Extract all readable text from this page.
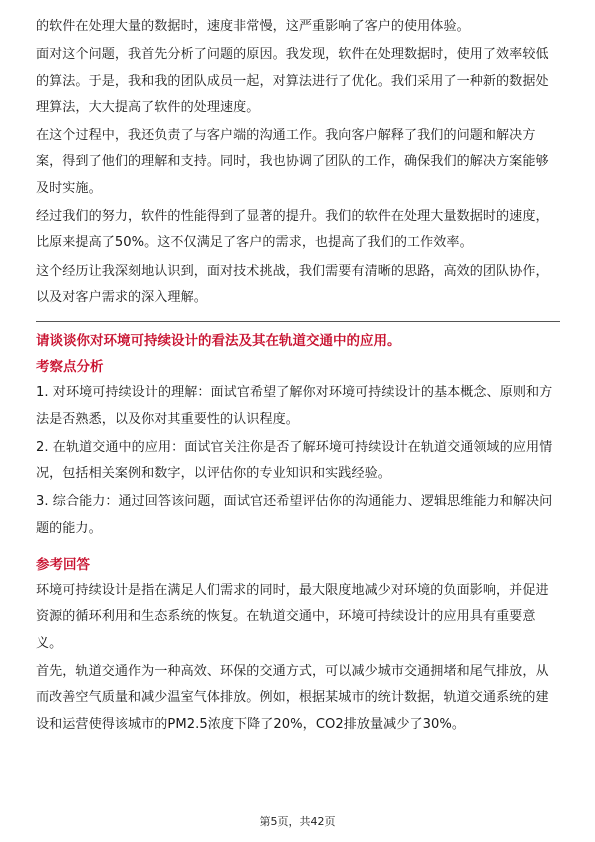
的软件在处理大量的数据时，速度非常慢，这严重影响了客户的使用体验。

面对这个问题，我首先分析了问题的原因。我发现，软件在处理数据时，使用了效率较低的算法。于是，我和我的团队成员一起，对算法进行了优化。我们采用了一种新的数据处理算法，大大提高了软件的处理速度。

在这个过程中，我还负责了与客户端的沟通工作。我向客户解释了我们的问题和解决方案，得到了他们的理解和支持。同时，我也协调了团队的工作，确保我们的解决方案能够及时实施。

经过我们的努力，软件的性能得到了显著的提升。我们的软件在处理大量数据时的速度，比原来提高了50%。这不仅满足了客户的需求，也提高了我们的工作效率。

这个经历让我深刻地认识到，面对技术挑战，我们需要有清晰的思路，高效的团队协作，以及对客户需求的深入理解。

请谈谈你对环境可持续设计的看法及其在轨道交通中的应用。

考察点分析

1. 对环境可持续设计的理解：面试官希望了解你对环境可持续设计的基本概念、原则和方法是否熟悉，以及你对其重要性的认识程度。

2. 在轨道交通中的应用：面试官关注你是否了解环境可持续设计在轨道交通领域的应用情况，包括相关案例和数字，以评估你的专业知识和实践经验。

3. 综合能力：通过回答该问题，面试官还希望评估你的沟通能力、逻辑思维能力和解决问题的能力。

参考回答

环境可持续设计是指在满足人们需求的同时，最大限度地减少对环境的负面影响，并促进资源的循环利用和生态系统的恢复。在轨道交通中，环境可持续设计的应用具有重要意义。

首先，轨道交通作为一种高效、环保的交通方式，可以减少城市交通拥堵和尾气排放，从而改善空气质量和减少温室气体排放。例如，根据某城市的统计数据，轨道交通系统的建设和运营使得该城市的PM2.5浓度下降了20%，CO2排放量减少了30%。

第5页，共42页
